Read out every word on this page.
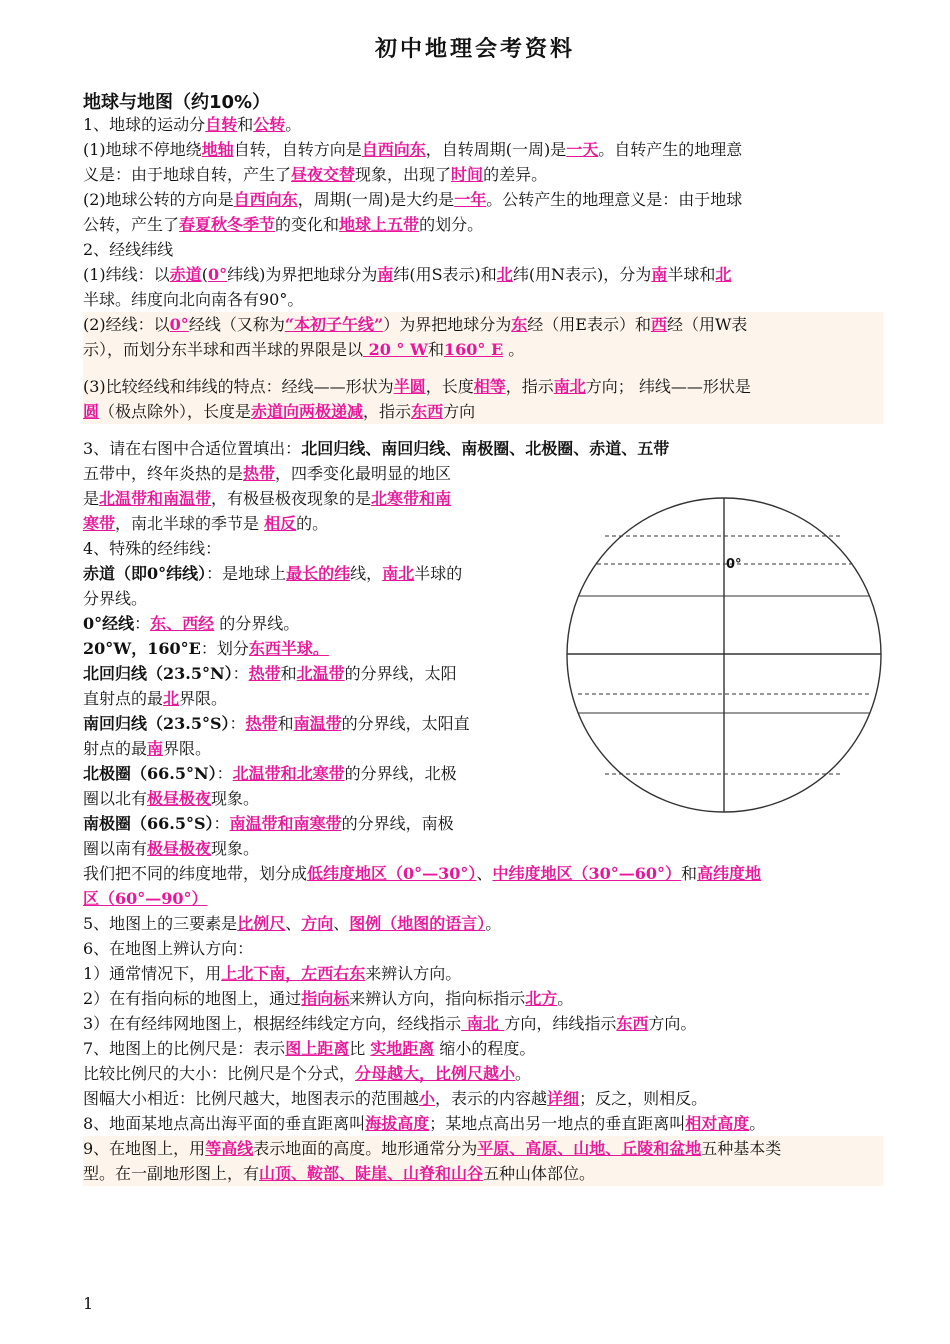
初中地理会考资料
地球与地图（约10%）
1、地球的运动分自转和公转。
(1)地球不停地绕地轴自转，自转方向是自西向东，自转周期(一周)是一天。自转产生的地理意
义是：由于地球自转，产生了昼夜交替现象，出现了时间的差异。
(2)地球公转的方向是自西向东，周期(一周)是大约是一年。公转产生的地理意义是：由于地球
公转，产生了春夏秋冬季节的变化和地球上五带的划分。
2、经线纬线
(1)纬线：以赤道(0°纬线)为界把地球分为南纬(用S表示)和北纬(用N表示)，分为南半球和北
半球。纬度向北向南各有90°。
(2)经线：以0°经线（又称为“本初子午线”）为界把地球分为东经（用E表示）和西经（用W表
示），而划分东半球和西半球的界限是以 20 ° W和160° E 。
(3)比较经线和纬线的特点：经线——形状为半圆，长度相等，指示南北方向； 纬线——形状是
圆（极点除外），长度是赤道向两极递减，指示东西方向
3、请在右图中合适位置填出：北回归线、南回归线、南极圈、北极圈、赤道、五带
五带中，终年炎热的是热带，四季变化最明显的地区
是北温带和南温带，有极昼极夜现象的是北寒带和南
寒带，南北半球的季节是 相反的。
4、特殊的经纬线：
赤道（即0°纬线）：是地球上最长的纬线，南北半球的
分界线。
0°经线：东、西经 的分界线。
20°W，160°E：划分东西半球。
北回归线（23.5°N）：热带和北温带的分界线，太阳
直射点的最北界限。
南回归线（23.5°S）：热带和南温带的分界线，太阳直
射点的最南界限。
北极圈（66.5°N）：北温带和北寒带的分界线，北极
圈以北有极昼极夜现象。
南极圈（66.5°S）：南温带和南寒带的分界线，南极
圈以南有极昼极夜现象。
我们把不同的纬度地带，划分成低纬度地区（0°—30°）、中纬度地区（30°—60°）和高纬度地
区（60°—90°）
5、地图上的三要素是比例尺、方向、图例（地图的语言）。
6、在地图上辨认方向：
1）通常情况下，用上北下南，左西右东来辨认方向。
2）在有指向标的地图上，通过指向标来辨认方向，指向标指示北方。
3）在有经纬网地图上，根据经纬线定方向，经线指示 南北 方向，纬线指示东西方向。
7、地图上的比例尺是：表示图上距离比 实地距离 缩小的程度。
比较比例尺的大小：比例尺是个分式，分母越大，比例尺越小。
图幅大小相近：比例尺越大，地图表示的范围越小，表示的内容越详细；反之，则相反。
8、地面某地点高出海平面的垂直距离叫海拔高度；某地点高出另一地点的垂直距离叫相对高度。
9、在地图上，用等高线表示地面的高度。地形通常分为平原、高原、山地、丘陵和盆地五种基本类
型。在一副地形图上，有山顶、鞍部、陡崖、山脊和山谷五种山体部位。
0°
1
